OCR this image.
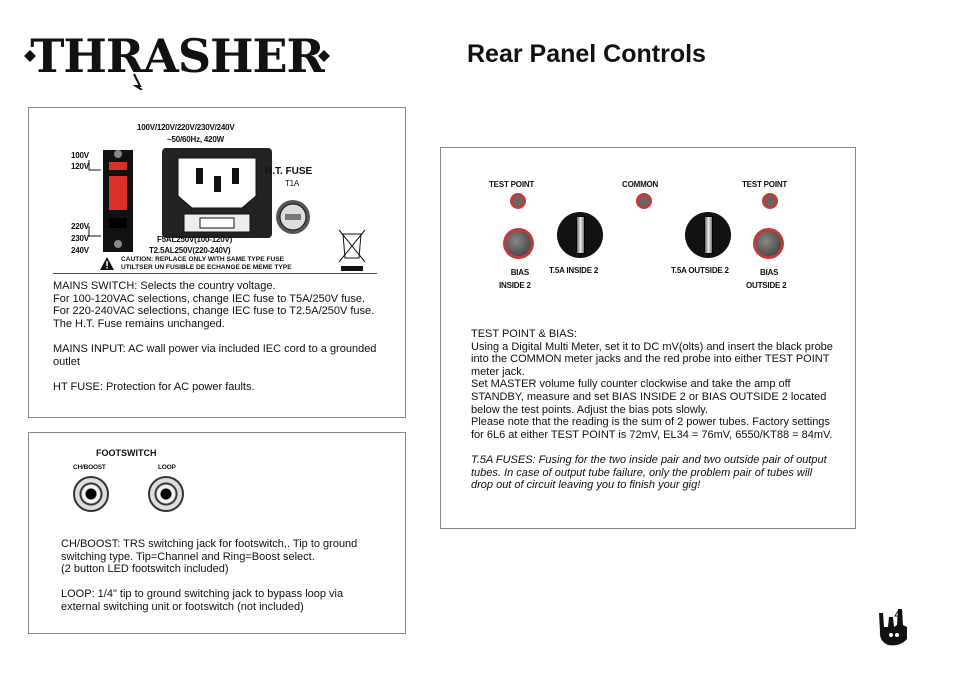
THRASHER	Rear Panel Controls
100V/120V/220V/230V/240V
~50/60Hz, 420W
100V
120V
220V
230V
240V
H.T. FUSE
T1A
F5AL250V(100-120V)
T2.5AL250V(220-240V)
CAUTION: REPLACE ONLY WITH SAME TYPE FUSE
UTILTSER UN FUSIBLE DE ECHANGE DE MEME TYPE
MAINS SWITCH: Selects the country voltage.
For 100-120VAC selections, change IEC fuse to T5A/250V fuse.
For 220-240VAC selections, change IEC fuse to T2.5A/250V fuse.
The H.T. Fuse remains unchanged.
MAINS INPUT: AC wall power via included IEC cord to a grounded outlet
HT FUSE: Protection for AC power faults.
FOOTSWITCH
CH/BOOST	LOOP
CH/BOOST: TRS switching jack for footswitch,. Tip to ground
switching type. Tip=Channel and Ring=Boost select.
(2 button LED footswitch included)
LOOP: 1/4" tip to ground switching jack to bypass loop via
external switching unit or footswitch (not included)
TEST POINT	COMMON	TEST POINT
BIAS
INSIDE 2
T.5A INSIDE 2	T.5A OUTSIDE 2	BIAS
OUTSIDE 2
TEST POINT & BIAS:
Using a Digital Multi Meter, set it to DC mV(olts) and insert the black probe
into the COMMON meter jacks and the red probe into either TEST POINT
meter jack.
Set MASTER volume fully counter clockwise and take the amp off
STANDBY, measure and set BIAS INSIDE 2 or BIAS OUTSIDE 2 located
below the test points. Adjust the bias pots slowly.
Please note that the reading is the sum of 2 power tubes. Factory settings
for 6L6 at either TEST POINT is 72mV, EL34 = 76mV, 6550/KT88 = 84mV.
T.5A FUSES: Fusing for the two inside pair and two outside pair of output
tubes. In case of output tube failure, only the problem pair of tubes will
drop out of circuit leaving you to finish your gig!
4
